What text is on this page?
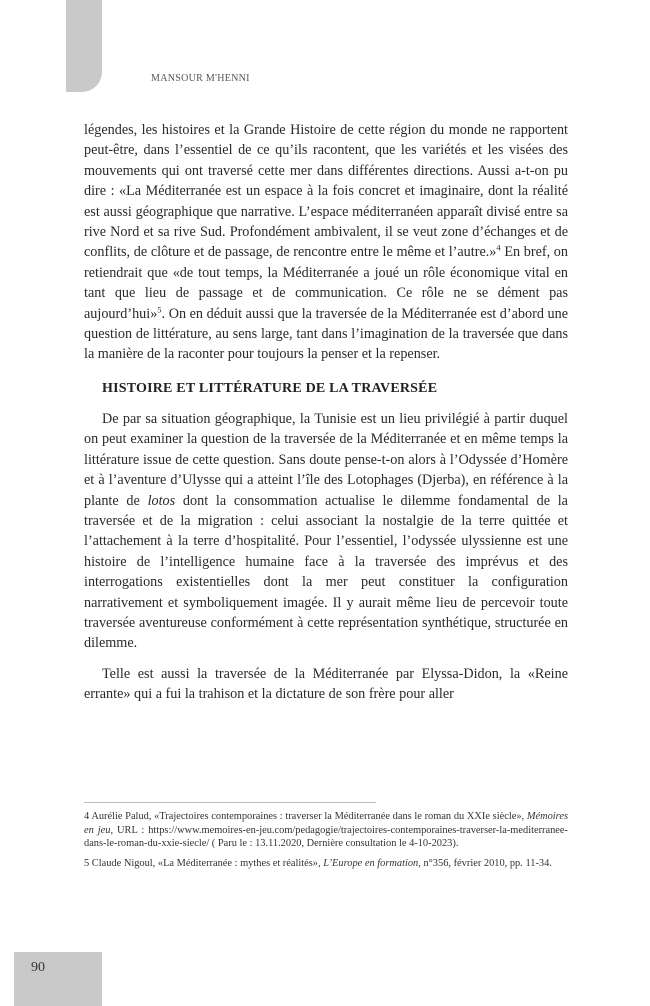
MANSOUR M'HENNI

légendes, les histoires et la Grande Histoire de cette région du monde ne rapportent peut-être, dans l’essentiel de ce qu’ils racontent, que les variétés et les visées des mouvements qui ont traversé cette mer dans différentes directions. Aussi a-t-on pu dire : «La Méditerranée est un espace à la fois concret et imaginaire, dont la réalité est aussi géographique que narrative. L’espace méditerranéen apparaît divisé entre sa rive Nord et sa rive Sud. Profondément ambivalent, il se veut zone d’échanges et de conflits, de clôture et de passage, de rencontre entre le même et l’autre.»$^4$ En bref, on retiendrait que «de tout temps, la Méditerranée a joué un rôle économique vital en tant que lieu de passage et de communication. Ce rôle ne se dément pas aujourd’hui»$^5$. On en déduit aussi que la traversée de la Méditerranée est d’abord une question de littérature, au sens large, tant dans l’imagination de la traversée que dans la manière de la raconter pour toujours la penser et la repenser.

HISTOIRE ET LITTÉRATURE DE LA TRAVERSÉE

De par sa situation géographique, la Tunisie est un lieu privilégié à partir duquel on peut examiner la question de la traversée de la Méditerranée et en même temps la littérature issue de cette question. Sans doute pense-t-on alors à l’Odyssée d’Homère et à l’aventure d’Ulysse qui a atteint l’île des Lotophages (Djerba), en référence à la plante de lotos dont la consommation actualise le dilemme fondamental de la traversée et de la migration : celui associant la nostalgie de la terre quittée et l’attachement à la terre d’hospitalité. Pour l’essentiel, l’odyssée ulyssienne est une histoire de l’intelligence humaine face à la traversée des imprévus et des interrogations existentielles dont la mer peut constituer la configuration narrativement et symboliquement imagée. Il y aurait même lieu de percevoir toute traversée aventureuse conformément à cette représentation synthétique, structurée en dilemme.

Telle est aussi la traversée de la Méditerranée par Elyssa-Didon, la «Reine errante» qui a fui la trahison et la dictature de son frère pour aller

4 Aurélie Palud, «Trajectoires contemporaines : traverser la Méditerranée dans le roman du XXIe siècle», Mémoires en jeu, URL : https://www.memoires-en-jeu.com/pedagogie/trajectoires-contemporaines-traverser-la-mediterranee-dans-le-roman-du-xxie-siecle/ ( Paru le : 13.11.2020, Dernière consultation le 4-10-2023).

5 Claude Nigoul, «La Méditerranée : mythes et réalités», L’Europe en formation, n°356, février 2010, pp. 11-34.

90
